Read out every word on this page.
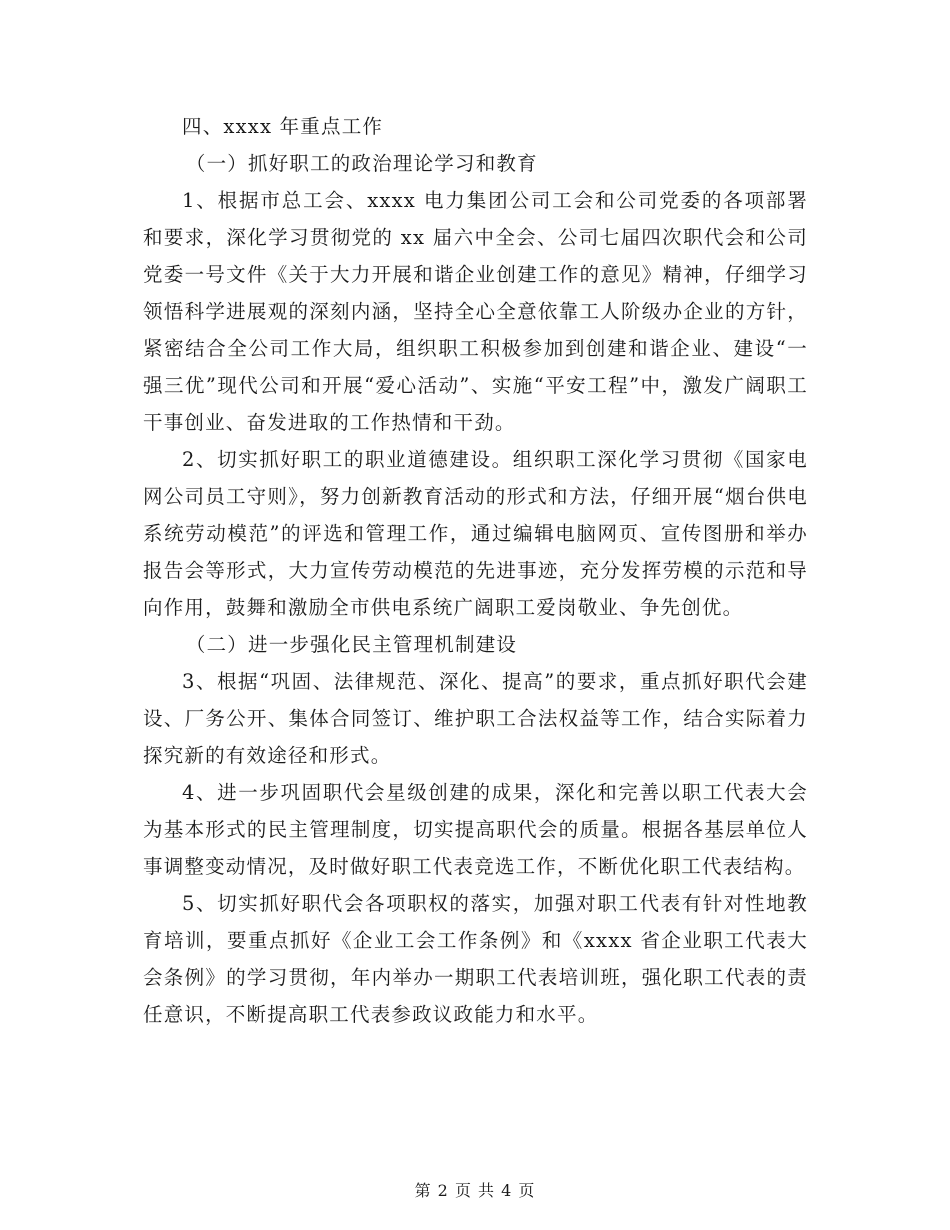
四、xxxx 年重点工作

（一）抓好职工的政治理论学习和教育

1、根据市总工会、xxxx 电力集团公司工会和公司党委的各项部署和要求，深化学习贯彻党的 xx 届六中全会、公司七届四次职代会和公司党委一号文件《关于大力开展和谐企业创建工作的意见》精神，仔细学习领悟科学进展观的深刻内涵，坚持全心全意依靠工人阶级办企业的方针，紧密结合全公司工作大局，组织职工积极参加到创建和谐企业、建设“一强三优”现代公司和开展“爱心活动”、实施“平安工程”中，激发广阔职工干事创业、奋发进取的工作热情和干劲。

2、切实抓好职工的职业道德建设。组织职工深化学习贯彻《国家电网公司员工守则》，努力创新教育活动的形式和方法，仔细开展“烟台供电系统劳动模范”的评选和管理工作，通过编辑电脑网页、宣传图册和举办报告会等形式，大力宣传劳动模范的先进事迹，充分发挥劳模的示范和导向作用，鼓舞和激励全市供电系统广阔职工爱岗敬业、争先创优。

（二）进一步强化民主管理机制建设

3、根据“巩固、法律规范、深化、提高”的要求，重点抓好职代会建设、厂务公开、集体合同签订、维护职工合法权益等工作，结合实际着力探究新的有效途径和形式。

4、进一步巩固职代会星级创建的成果，深化和完善以职工代表大会为基本形式的民主管理制度，切实提高职代会的质量。根据各基层单位人事调整变动情况，及时做好职工代表竞选工作，不断优化职工代表结构。

5、切实抓好职代会各项职权的落实，加强对职工代表有针对性地教育培训，要重点抓好《企业工会工作条例》和《xxxx 省企业职工代表大会条例》的学习贯彻，年内举办一期职工代表培训班，强化职工代表的责任意识，不断提高职工代表参政议政能力和水平。

第 2 页 共 4 页
